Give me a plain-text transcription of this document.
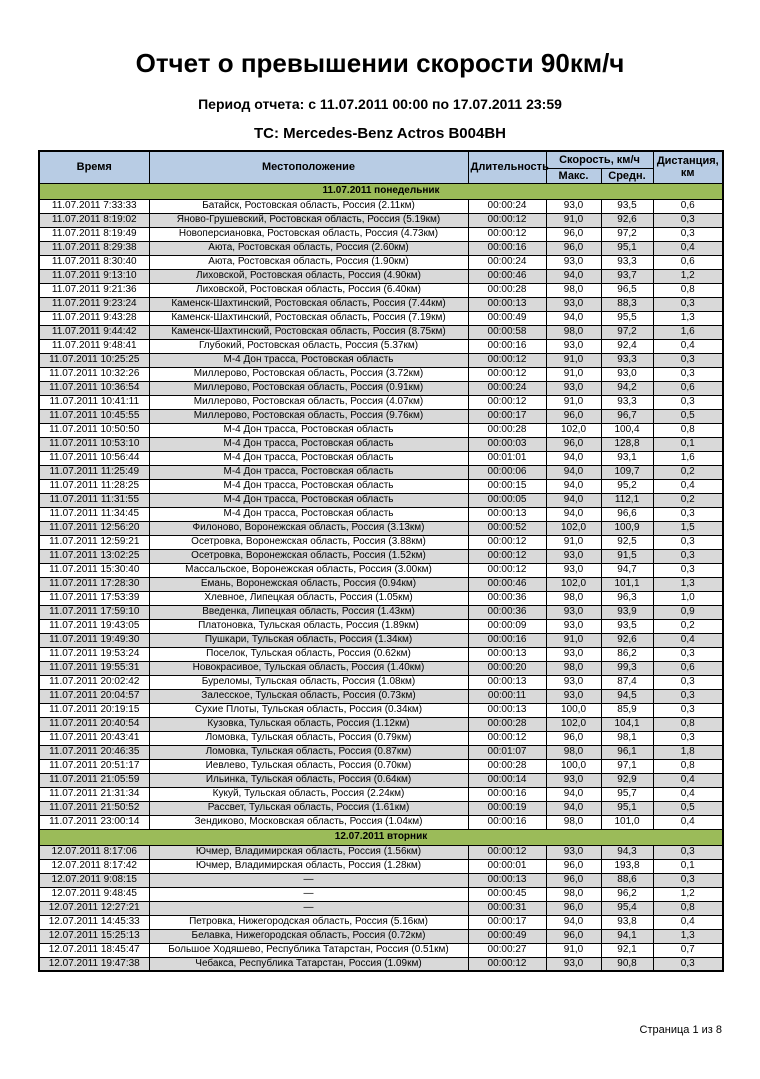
Отчет о превышении скорости 90км/ч
Период отчета: с 11.07.2011 00:00 по 17.07.2011 23:59
ТС: Mercedes-Benz Actros B004BH
Время	Местоположение	Длительность	Скорость, км/ч		Дистанция, км
			Макс.	Средн.	
11.07.2011 понедельник					
11.07.2011 7:33:33	Батайск, Ростовская область, Россия (2.11км)	00:00:24	93,0	93,5	0,6
11.07.2011 8:19:02	Яново-Грушевский, Ростовская область, Россия (5.19км)	00:00:12	91,0	92,6	0,3
11.07.2011 8:19:49	Новоперсиановка, Ростовская область, Россия (4.73км)	00:00:12	96,0	97,2	0,3
11.07.2011 8:29:38	Аюта, Ростовская область, Россия (2.60км)	00:00:16	96,0	95,1	0,4
11.07.2011 8:30:40	Аюта, Ростовская область, Россия (1.90км)	00:00:24	93,0	93,3	0,6
11.07.2011 9:13:10	Лиховской, Ростовская область, Россия (4.90км)	00:00:46	94,0	93,7	1,2
11.07.2011 9:21:36	Лиховской, Ростовская область, Россия (6.40км)	00:00:28	98,0	96,5	0,8
11.07.2011 9:23:24	Каменск-Шахтинский, Ростовская область, Россия (7.44км)	00:00:13	93,0	88,3	0,3
11.07.2011 9:43:28	Каменск-Шахтинский, Ростовская область, Россия (7.19км)	00:00:49	94,0	95,5	1,3
11.07.2011 9:44:42	Каменск-Шахтинский, Ростовская область, Россия (8.75км)	00:00:58	98,0	97,2	1,6
11.07.2011 9:48:41	Глубокий, Ростовская область, Россия (5.37км)	00:00:16	93,0	92,4	0,4
11.07.2011 10:25:25	М-4 Дон трасса, Ростовская область	00:00:12	91,0	93,3	0,3
11.07.2011 10:32:26	Миллерово, Ростовская область, Россия (3.72км)	00:00:12	91,0	93,0	0,3
11.07.2011 10:36:54	Миллерово, Ростовская область, Россия (0.91км)	00:00:24	93,0	94,2	0,6
11.07.2011 10:41:11	Миллерово, Ростовская область, Россия (4.07км)	00:00:12	91,0	93,3	0,3
11.07.2011 10:45:55	Миллерово, Ростовская область, Россия (9.76км)	00:00:17	96,0	96,7	0,5
11.07.2011 10:50:50	М-4 Дон трасса, Ростовская область	00:00:28	102,0	100,4	0,8
11.07.2011 10:53:10	М-4 Дон трасса, Ростовская область	00:00:03	96,0	128,8	0,1
11.07.2011 10:56:44	М-4 Дон трасса, Ростовская область	00:01:01	94,0	93,1	1,6
11.07.2011 11:25:49	М-4 Дон трасса, Ростовская область	00:00:06	94,0	109,7	0,2
11.07.2011 11:28:25	М-4 Дон трасса, Ростовская область	00:00:15	94,0	95,2	0,4
11.07.2011 11:31:55	М-4 Дон трасса, Ростовская область	00:00:05	94,0	112,1	0,2
11.07.2011 11:34:45	М-4 Дон трасса, Ростовская область	00:00:13	94,0	96,6	0,3
11.07.2011 12:56:20	Филоново, Воронежская область, Россия (3.13км)	00:00:52	102,0	100,9	1,5
11.07.2011 12:59:21	Осетровка, Воронежская область, Россия (3.88км)	00:00:12	91,0	92,5	0,3
11.07.2011 13:02:25	Осетровка, Воронежская область, Россия (1.52км)	00:00:12	93,0	91,5	0,3
11.07.2011 15:30:40	Массальское, Воронежская область, Россия (3.00км)	00:00:12	93,0	94,7	0,3
11.07.2011 17:28:30	Емань, Воронежская область, Россия (0.94км)	00:00:46	102,0	101,1	1,3
11.07.2011 17:53:39	Хлевное, Липецкая область, Россия (1.05км)	00:00:36	98,0	96,3	1,0
11.07.2011 17:59:10	Введенка, Липецкая область, Россия (1.43км)	00:00:36	93,0	93,9	0,9
11.07.2011 19:43:05	Платоновка, Тульская область, Россия (1.89км)	00:00:09	93,0	93,5	0,2
11.07.2011 19:49:30	Пушкари, Тульская область, Россия (1.34км)	00:00:16	91,0	92,6	0,4
11.07.2011 19:53:24	Поселок, Тульская область, Россия (0.62км)	00:00:13	93,0	86,2	0,3
11.07.2011 19:55:31	Новокрасивое, Тульская область, Россия (1.40км)	00:00:20	98,0	99,3	0,6
11.07.2011 20:02:42	Буреломы, Тульская область, Россия (1.08км)	00:00:13	93,0	87,4	0,3
11.07.2011 20:04:57	Залесское, Тульская область, Россия (0.73км)	00:00:11	93,0	94,5	0,3
11.07.2011 20:19:15	Сухие Плоты, Тульская область, Россия (0.34км)	00:00:13	100,0	85,9	0,3
11.07.2011 20:40:54	Кузовка, Тульская область, Россия (1.12км)	00:00:28	102,0	104,1	0,8
11.07.2011 20:43:41	Ломовка, Тульская область, Россия (0.79км)	00:00:12	96,0	98,1	0,3
11.07.2011 20:46:35	Ломовка, Тульская область, Россия (0.87км)	00:01:07	98,0	96,1	1,8
11.07.2011 20:51:17	Иевлево, Тульская область, Россия (0.70км)	00:00:28	100,0	97,1	0,8
11.07.2011 21:05:59	Ильинка, Тульская область, Россия (0.64км)	00:00:14	93,0	92,9	0,4
11.07.2011 21:31:34	Кукуй, Тульская область, Россия (2.24км)	00:00:16	94,0	95,7	0,4
11.07.2011 21:50:52	Рассвет, Тульская область, Россия (1.61км)	00:00:19	94,0	95,1	0,5
11.07.2011 23:00:14	Зендиково, Московская область, Россия (1.04км)	00:00:16	98,0	101,0	0,4
12.07.2011 вторник					
12.07.2011 8:17:06	Ючмер, Владимирская область, Россия (1.56км)	00:00:12	93,0	94,3	0,3
12.07.2011 8:17:42	Ючмер, Владимирская область, Россия (1.28км)	00:00:01	96,0	193,8	0,1
12.07.2011 9:08:15	—	00:00:13	96,0	88,6	0,3
12.07.2011 9:48:45	—	00:00:45	98,0	96,2	1,2
12.07.2011 12:27:21	—	00:00:31	96,0	95,4	0,8
12.07.2011 14:45:33	Петровка, Нижегородская область, Россия (5.16км)	00:00:17	94,0	93,8	0,4
12.07.2011 15:25:13	Белавка, Нижегородская область, Россия (0.72км)	00:00:49	96,0	94,1	1,3
12.07.2011 18:45:47	Большое Ходяшево, Республика Татарстан, Россия (0.51км)	00:00:27	91,0	92,1	0,7
12.07.2011 19:47:38	Чебакса, Республика Татарстан, Россия (1.09км)	00:00:12	93,0	90,8	0,3
Страница 1 из 8
